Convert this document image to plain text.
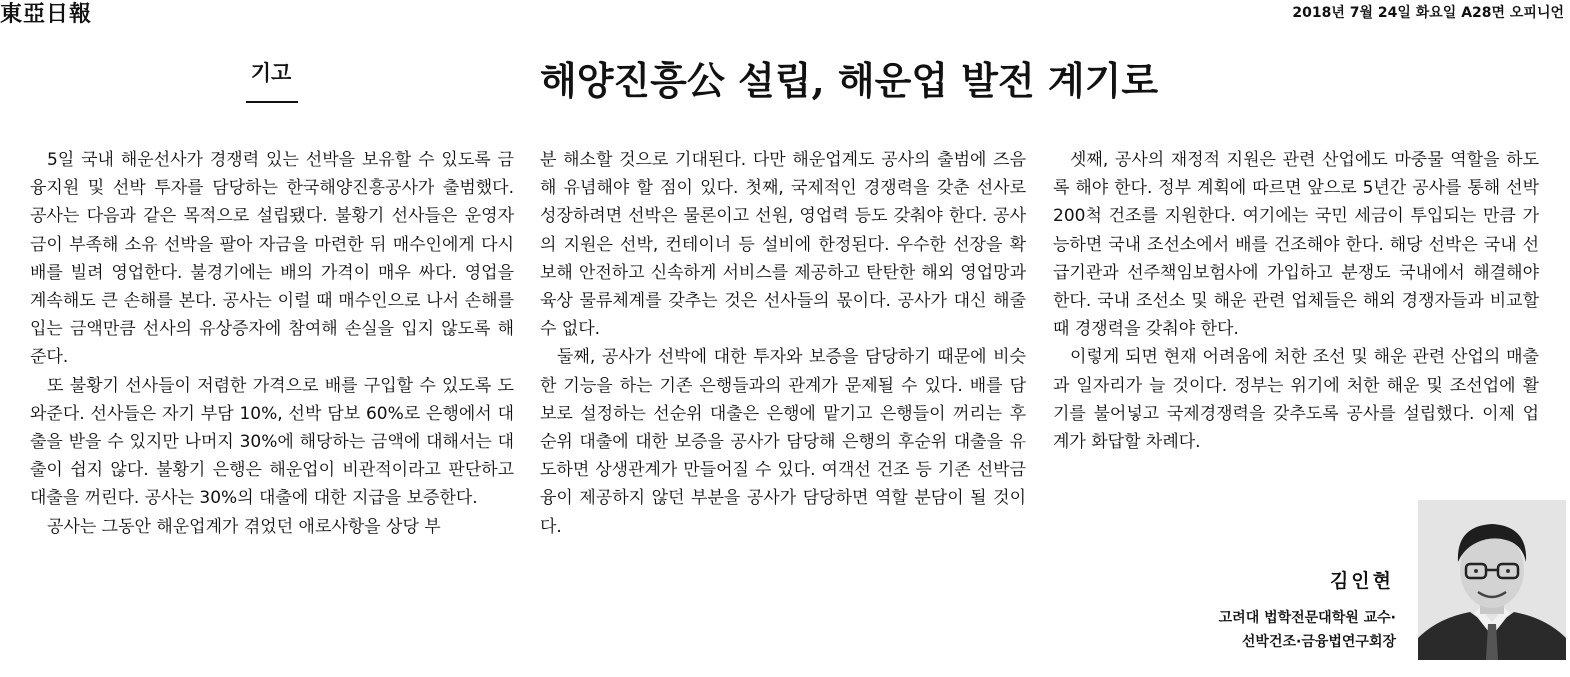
東亞日報	2018년 7월 24일 화요일 A28면 오피니언
기고	해양진흥公 설립, 해운업 발전 계기로

5일 국내 해운선사가 경쟁력 있는 선박을 보유할 수 있도록 금융지원 및 선박 투자를 담당하는 한국해양진흥공사가 출범했다. 공사는 다음과 같은 목적으로 설립됐다. 불황기 선사들은 운영자금이 부족해 소유 선박을 팔아 자금을 마련한 뒤 매수인에게 다시 배를 빌려 영업한다. 불경기에는 배의 가격이 매우 싸다. 영업을 계속해도 큰 손해를 본다. 공사는 이럴 때 매수인으로 나서 손해를 입는 금액만큼 선사의 유상증자에 참여해 손실을 입지 않도록 해준다.

또 불황기 선사들이 저렴한 가격으로 배를 구입할 수 있도록 도와준다. 선사들은 자기 부담 10%, 선박 담보 60%로 은행에서 대출을 받을 수 있지만 나머지 30%에 해당하는 금액에 대해서는 대출이 쉽지 않다. 불황기 은행은 해운업이 비관적이라고 판단하고 대출을 꺼린다. 공사는 30%의 대출에 대한 지급을 보증한다.

공사는 그동안 해운업계가 겪었던 애로사항을 상당 부

분 해소할 것으로 기대된다. 다만 해운업계도 공사의 출범에 즈음해 유념해야 할 점이 있다. 첫째, 국제적인 경쟁력을 갖춘 선사로 성장하려면 선박은 물론이고 선원, 영업력 등도 갖춰야 한다. 공사의 지원은 선박, 컨테이너 등 설비에 한정된다. 우수한 선장을 확보해 안전하고 신속하게 서비스를 제공하고 탄탄한 해외 영업망과 육상 물류체계를 갖추는 것은 선사들의 몫이다. 공사가 대신 해줄 수 없다.

둘째, 공사가 선박에 대한 투자와 보증을 담당하기 때문에 비슷한 기능을 하는 기존 은행들과의 관계가 문제될 수 있다. 배를 담보로 설정하는 선순위 대출은 은행에 맡기고 은행들이 꺼리는 후순위 대출에 대한 보증을 공사가 담당해 은행의 후순위 대출을 유도하면 상생관계가 만들어질 수 있다. 여객선 건조 등 기존 선박금융이 제공하지 않던 부분을 공사가 담당하면 역할 분담이 될 것이다.

셋째, 공사의 재정적 지원은 관련 산업에도 마중물 역할을 하도록 해야 한다. 정부 계획에 따르면 앞으로 5년간 공사를 통해 선박 200척 건조를 지원한다. 여기에는 국민 세금이 투입되는 만큼 가능하면 국내 조선소에서 배를 건조해야 한다. 해당 선박은 국내 선급기관과 선주책임보험사에 가입하고 분쟁도 국내에서 해결해야 한다. 국내 조선소 및 해운 관련 업체들은 해외 경쟁자들과 비교할 때 경쟁력을 갖춰야 한다.

이렇게 되면 현재 어려움에 처한 조선 및 해운 관련 산업의 매출과 일자리가 늘 것이다. 정부는 위기에 처한 해운 및 조선업에 활기를 불어넣고 국제경쟁력을 갖추도록 공사를 설립했다. 이제 업계가 화답할 차례다.

김인현
고려대 법학전문대학원 교수·
선박건조·금융법연구회장
